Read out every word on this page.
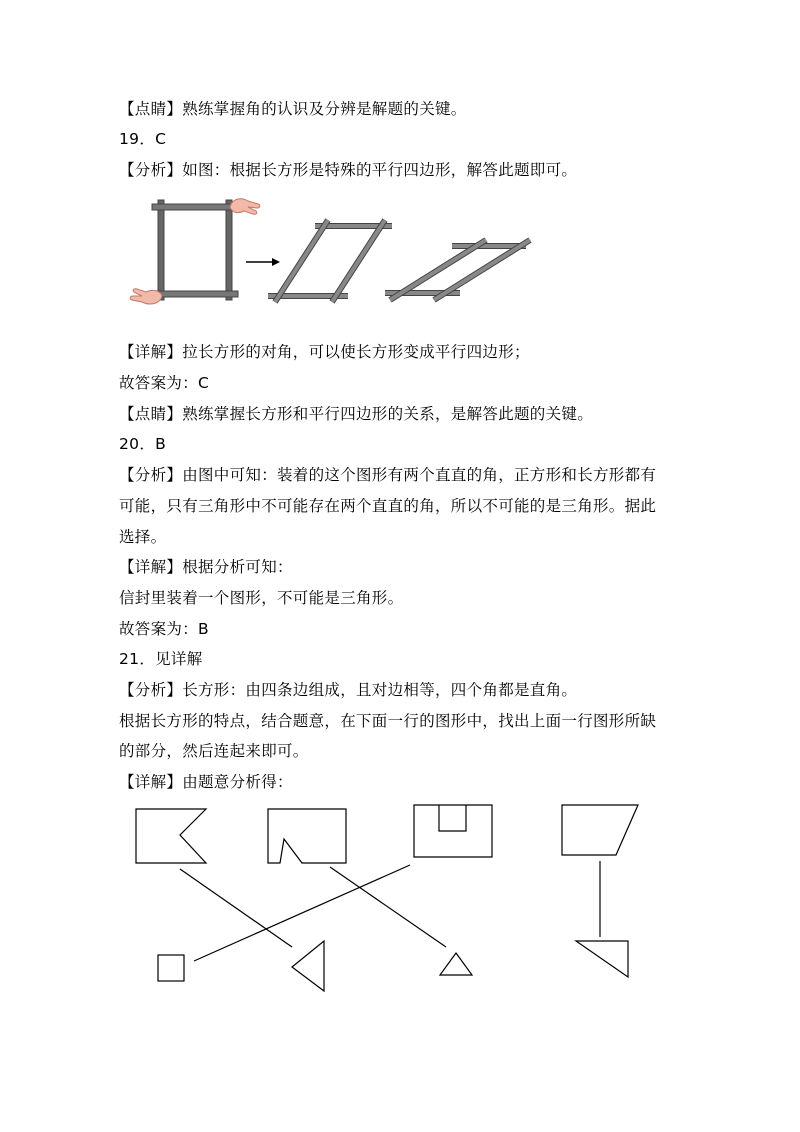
【点睛】熟练掌握角的认识及分辨是解题的关键。
19．C
【分析】如图：根据长方形是特殊的平行四边形，解答此题即可。
【详解】拉长方形的对角，可以使长方形变成平行四边形；
故答案为：C
【点睛】熟练掌握长方形和平行四边形的关系，是解答此题的关键。
20．B
【分析】由图中可知：装着的这个图形有两个直直的角，正方形和长方形都有
可能，只有三角形中不可能存在两个直直的角，所以不可能的是三角形。据此
选择。
【详解】根据分析可知：
信封里装着一个图形，不可能是三角形。
故答案为：B
21．见详解
【分析】长方形：由四条边组成，且对边相等，四个角都是直角。
根据长方形的特点，结合题意，在下面一行的图形中，找出上面一行图形所缺
的部分，然后连起来即可。
【详解】由题意分析得：
